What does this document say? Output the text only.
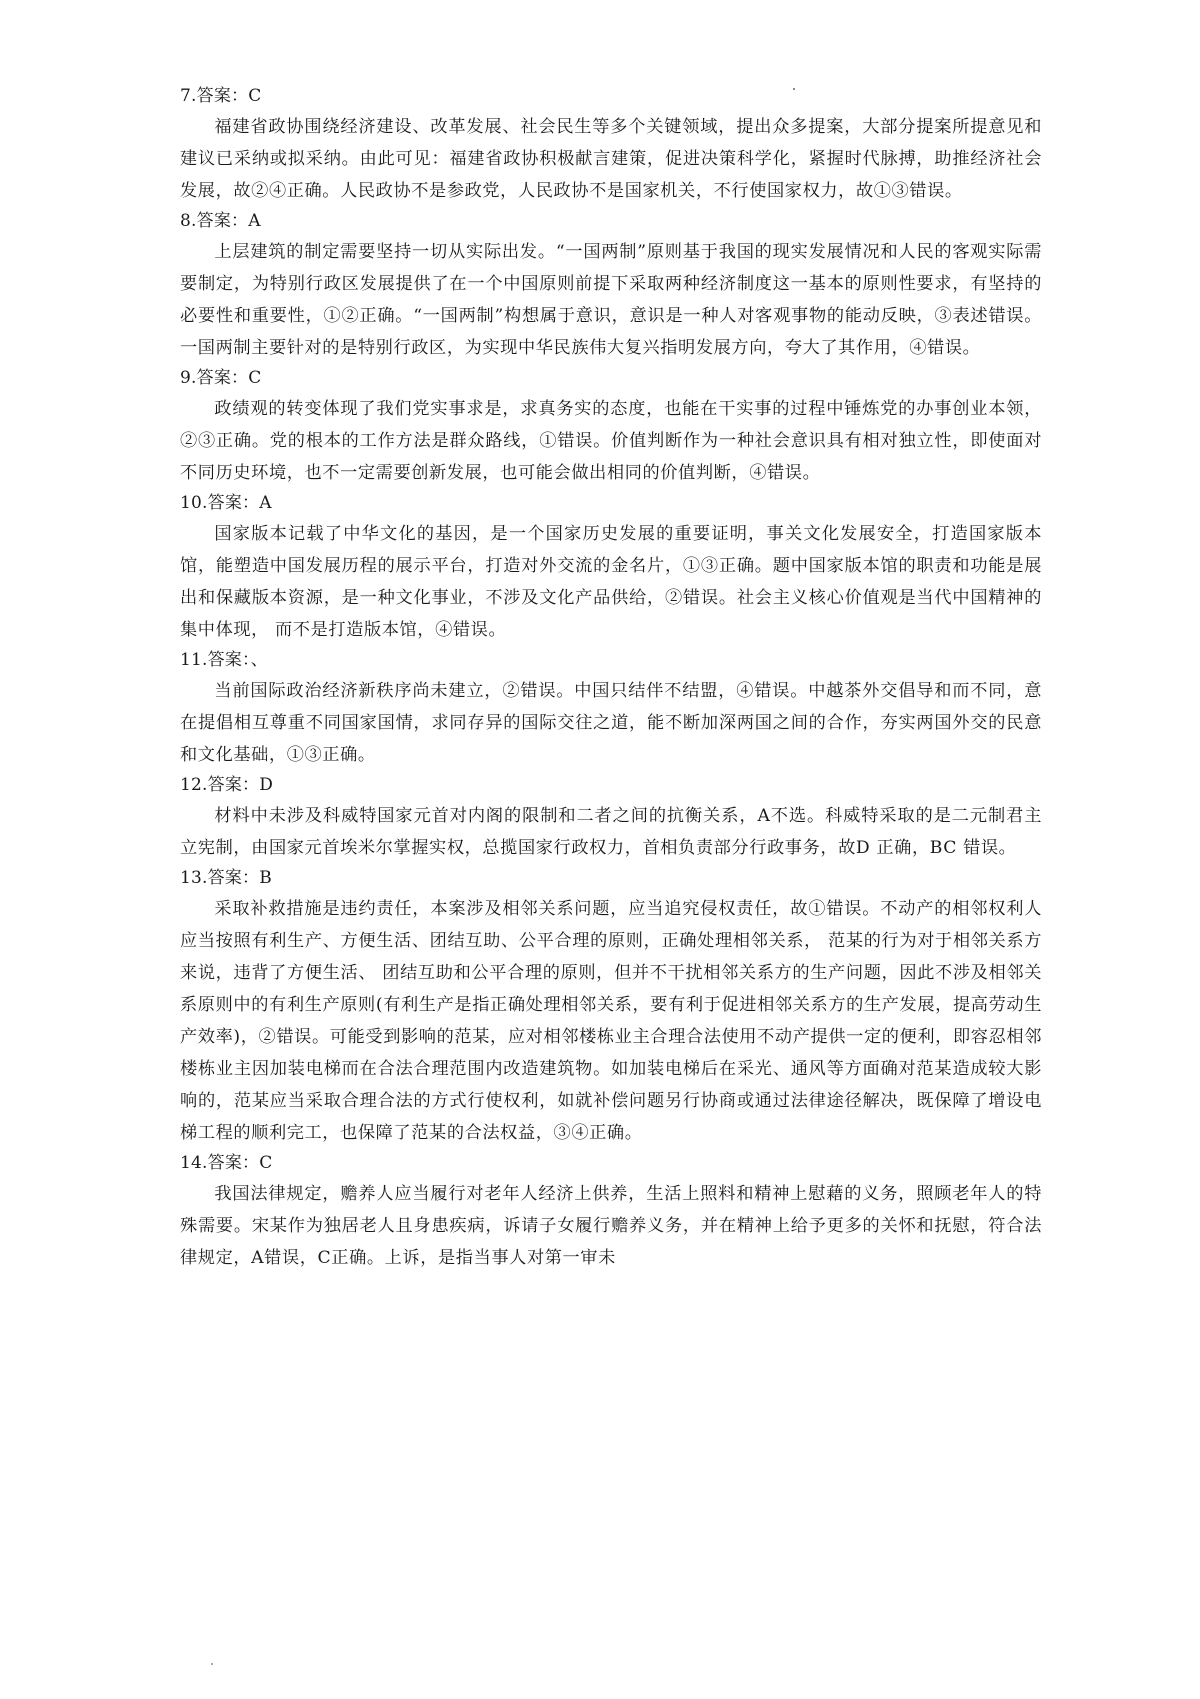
7.答案：C

福建省政协围绕经济建设、改革发展、社会民生等多个关键领域，提出众多提案，大部分提案所提意见和建议已采纳或拟采纳。由此可见：福建省政协积极献言建策，促进决策科学化，紧握时代脉搏，助推经济社会发展，故②④正确。人民政协不是参政党，人民政协不是国家机关，不行使国家权力，故①③错误。

8.答案：A

上层建筑的制定需要坚持一切从实际出发。“一国两制”原则基于我国的现实发展情况和人民的客观实际需要制定，为特别行政区发展提供了在一个中国原则前提下采取两种经济制度这一基本的原则性要求，有坚持的必要性和重要性，①②正确。“一国两制”构想属于意识，意识是一种人对客观事物的能动反映，③表述错误。一国两制主要针对的是特别行政区，为实现中华民族伟大复兴指明发展方向，夸大了其作用，④错误。

9.答案：C

政绩观的转变体现了我们党实事求是，求真务实的态度，也能在干实事的过程中锤炼党的办事创业本领，②③正确。党的根本的工作方法是群众路线，①错误。价值判断作为一种社会意识具有相对独立性，即使面对不同历史环境，也不一定需要创新发展，也可能会做出相同的价值判断，④错误。

10.答案：A

国家版本记载了中华文化的基因，是一个国家历史发展的重要证明，事关文化发展安全，打造国家版本馆，能塑造中国发展历程的展示平台，打造对外交流的金名片，①③正确。题中国家版本馆的职责和功能是展出和保藏版本资源，是一种文化事业，不涉及文化产品供给，②错误。社会主义核心价值观是当代中国精神的集中体现， 而不是打造版本馆，④错误。

11.答案：、

当前国际政治经济新秩序尚未建立，②错误。中国只结伴不结盟，④错误。中越茶外交倡导和而不同，意在提倡相互尊重不同国家国情，求同存异的国际交往之道，能不断加深两国之间的合作，夯实两国外交的民意和文化基础，①③正确。

12.答案：D

材料中未涉及科威特国家元首对内阁的限制和二者之间的抗衡关系，A不选。科威特采取的是二元制君主立宪制，由国家元首埃米尔掌握实权，总揽国家行政权力，首相负责部分行政事务，故D 正确，BC 错误。

13.答案：B

采取补救措施是违约责任，本案涉及相邻关系问题，应当追究侵权责任，故①错误。不动产的相邻权利人应当按照有利生产、方便生活、团结互助、公平合理的原则，正确处理相邻关系， 范某的行为对于相邻关系方来说，违背了方便生活、 团结互助和公平合理的原则，但并不干扰相邻关系方的生产问题，因此不涉及相邻关系原则中的有利生产原则(有利生产是指正确处理相邻关系，要有利于促进相邻关系方的生产发展，提高劳动生产效率)，②错误。可能受到影响的范某，应对相邻楼栋业主合理合法使用不动产提供一定的便利，即容忍相邻楼栋业主因加装电梯而在合法合理范围内改造建筑物。如加装电梯后在采光、通风等方面确对范某造成较大影响的，范某应当采取合理合法的方式行使权利，如就补偿问题另行协商或通过法律途径解决，既保障了增设电梯工程的顺利完工，也保障了范某的合法权益，③④正确。

14.答案：C

我国法律规定，赡养人应当履行对老年人经济上供养，生活上照料和精神上慰藉的义务，照顾老年人的特殊需要。宋某作为独居老人且身患疾病，诉请子女履行赡养义务，并在精神上给予更多的关怀和抚慰，符合法律规定，A错误，C正确。上诉，是指当事人对第一审未
